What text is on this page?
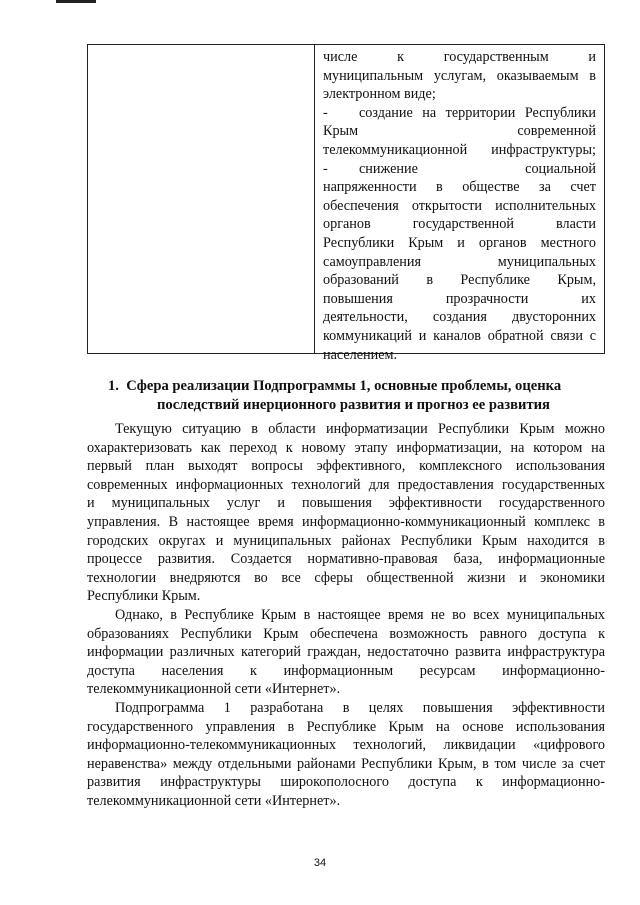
числе к государственным и
муниципальным услугам, оказываемым в
электронном виде;
- создание на территории Республики
Крым современной
телекоммуникационной инфраструктуры;
- снижение социальной
напряженности в обществе за счет
обеспечения открытости исполнительных
органов государственной власти
Республики Крым и органов местного
самоуправления муниципальных
образований в Республике Крым,
повышения прозрачности их
деятельности, создания двусторонних
коммуникаций и каналов обратной связи с
населением.
1. Сфера реализации Подпрограммы 1, основные проблемы, оценка
последствий инерционного развития и прогноз ее развития
Текущую ситуацию в области информатизации Республики Крым можно
охарактеризовать как переход к новому этапу информатизации, на котором на
первый план выходят вопросы эффективного, комплексного использования
современных информационных технологий для предоставления государственных
и муниципальных услуг и повышения эффективности государственного
управления. В настоящее время информационно-коммуникационный комплекс в
городских округах и муниципальных районах Республики Крым находится в
процессе развития. Создается нормативно-правовая база, информационные
технологии внедряются во все сферы общественной жизни и экономики
Республики Крым.
Однако, в Республике Крым в настоящее время не во всех муниципальных
образованиях Республики Крым обеспечена возможность равного доступа к
информации различных категорий граждан, недостаточно развита инфраструктура
доступа населения к информационным ресурсам информационно-
телекоммуникационной сети «Интернет».
Подпрограмма 1 разработана в целях повышения эффективности
государственного управления в Республике Крым на основе использования
информационно-телекоммуникационных технологий, ликвидации «цифрового
неравенства» между отдельными районами Республики Крым, в том числе за счет
развития инфраструктуры широкополосного доступа к информационно-
телекоммуникационной сети «Интернет».
34
